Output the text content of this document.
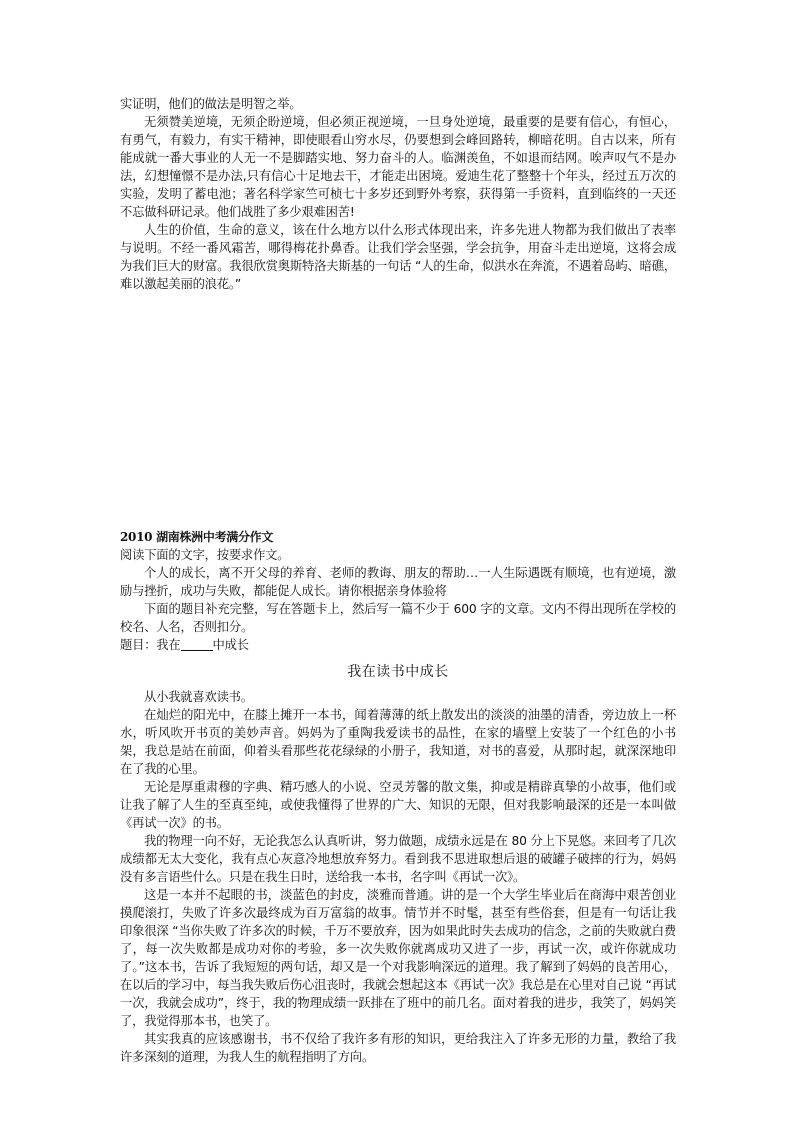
实证明，他们的做法是明智之举。

无须赞美逆境，无须企盼逆境，但必须正视逆境，一旦身处逆境，最重要的是要有信心，有恒心，有勇气，有毅力，有实干精神，即使眼看山穷水尽，仍要想到会峰回路转，柳暗花明。自古以来，所有能成就一番大事业的人无一不是脚踏实地、努力奋斗的人。临渊羡鱼，不如退而结网。唉声叹气不是办法，幻想憧憬不是办法,只有信心十足地去干，才能走出困境。爱迪生花了整整十个年头，经过五万次的实验，发明了蓄电池；著名科学家竺可桢七十多岁还到野外考察，获得第一手资料，直到临终的一天还不忘做科研记录。他们战胜了多少艰难困苦!

人生的价值，生命的意义，该在什么地方以什么形式体现出来，许多先进人物都为我们做出了表率与说明。不经一番风霜苦，哪得梅花扑鼻香。让我们学会坚强，学会抗争，用奋斗走出逆境，这将会成为我们巨大的财富。我很欣赏奥斯特洛夫斯基的一句话 “人的生命，似洪水在奔流，不遇着岛屿、暗礁，难以激起美丽的浪花。”

2010 湖南株洲中考满分作文

阅读下面的文字，按要求作文。

个人的成长，离不开父母的养育、老师的教诲、朋友的帮助…一人生际遇既有顺境，也有逆境，激励与挫折，成功与失败，都能促人成长。请你根据亲身体验将

下面的题目补充完整，写在答题卡上，然后写一篇不少于 600 字的文章。文内不得出现所在学校的校名、人名，否则扣分。

题目：我在	中成长

我在读书中成长

从小我就喜欢读书。

在灿烂的阳光中，在膝上摊开一本书，闻着薄薄的纸上散发出的淡淡的油墨的清香，旁边放上一杯水，听风吹开书页的美妙声音。妈妈为了重陶我爱读书的品性，在家的墙壁上安装了一个红色的小书架，我总是站在前面，仰着头看那些花花绿绿的小册子，我知道，对书的喜爱，从那时起，就深深地印在了我的心里。

无论是厚重肃穆的字典、精巧感人的小说、空灵芳馨的散文集，抑或是精辟真挚的小故事，他们或让我了解了人生的至真至纯，或使我懂得了世界的广大、知识的无限，但对我影响最深的还是一本叫做《再试一次》的书。

我的物理一向不好，无论我怎么认真听讲，努力做题，成绩永远是在 80 分上下晃悠。来回考了几次成绩都无太大变化，我有点心灰意冷地想放弃努力。看到我不思进取想后退的破罐子破摔的行为，妈妈没有多言语些什么。只是在我生日时，送给我一本书，名字叫《再试一次》。

这是一本并不起眼的书，淡蓝色的封皮，淡雅而普通。讲的是一个大学生毕业后在商海中艰苦创业摸爬滚打，失败了许多次最终成为百万富翁的故事。情节并不时髦，甚至有些俗套，但是有一句话让我印象很深 “当你失败了许多次的时候，千万不要放弃，因为如果此时失去成功的信念，之前的失败就白费了，每一次失败都是成功对你的考验，多一次失败你就离成功又进了一步，再试一次，或许你就成功了。”这本书，告诉了我短短的两句话，却又是一个对我影响深远的道理。我了解到了妈妈的良苦用心，在以后的学习中，每当我失败后伤心沮丧时，我就会想起这本《再试一次》我总是在心里对自己说 “再试一次，我就会成功”，终于，我的物理成绩一跃排在了班中的前几名。面对着我的进步，我笑了，妈妈笑了，我觉得那本书，也笑了。

其实我真的应该感谢书，书不仅给了我许多有形的知识，更给我注入了许多无形的力量，教给了我许多深刻的道理，为我人生的航程指明了方向。
